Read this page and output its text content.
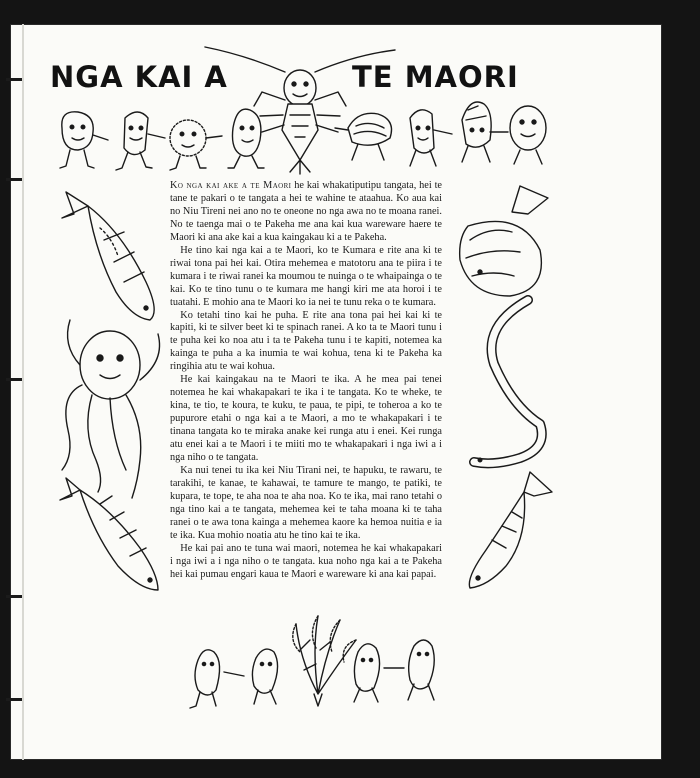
NGA KAI A	TE MAORI

Ko nga kai ake a te Maori he kai whakatiputipu tangata, hei te tane te pakari o te tangata a hei te wahine te ataahua. Ko aua kai no Niu Tireni nei ano no te oneone no nga awa no te moana ranei. No te taenga mai o te Pakeha me ana kai kua wareware haere te Maori ki ana ake kai a kua kaingakau ki a te Pakeha.

 He tino kai nga kai a te Maori, ko te Kumara e rite ana ki te riwai tona pai hei kai. Otira mehemea e matotoru ana te piira i te kumara i te riwai ranei ka moumou te nuinga o te whaipainga o te kai. Ko te tino tunu o te kumara me hangi kiri me ata horoi i te tuatahi. E mohio ana te Maori ko ia nei te tunu reka o te kumara.

 Ko tetahi tino kai he puha. E rite ana tona pai hei kai ki te kapiti, ki te silver beet ki te spinach ranei. A ko ta te Maori tunu i te puha kei ko noa atu i ta te Pakeha tunu i te kapiti, notemea ka kainga te puha a ka inumia te wai kohua, tena ki te Pakeha ka ringihia atu te wai kohua.

 He kai kaingakau na te Maori te ika. A he mea pai tenei notemea he kai whakapakari te ika i te tangata. Ko te wheke, te kina, te tio, te koura, te kuku, te paua, te pipi, te toheroa a ko te pupurore etahi o nga kai a te Maori, a mo te whakapakari i te tinana tangata ko te miraka anake kei runga atu i enei. Kei runga atu enei kai a te Maori i te miiti mo te whakapakari i nga iwi a i nga niho o te tangata.

 Ka nui tenei tu ika kei Niu Tirani nei, te hapuku, te rawaru, te tarakihi, te kanae, te kahawai, te tamure te mango, te patiki, te kupara, te tope, te aha noa te aha noa. Ko te ika, mai rano tetahi o nga tino kai a te tangata, mehemea kei te taha moana ki te taha ranei o te awa tona kainga a mehemea kaore ka hemoa nuitia e ia te ika. Kua mohio noatia atu he tino kai te ika.

 He kai pai ano te tuna wai maori, notemea he kai whakapakari i nga iwi a i nga niho o te tangata. kua noho nga kai a te Pakeha hei kai pumau engari kaua te Maori e wareware ki ana kai papai.
